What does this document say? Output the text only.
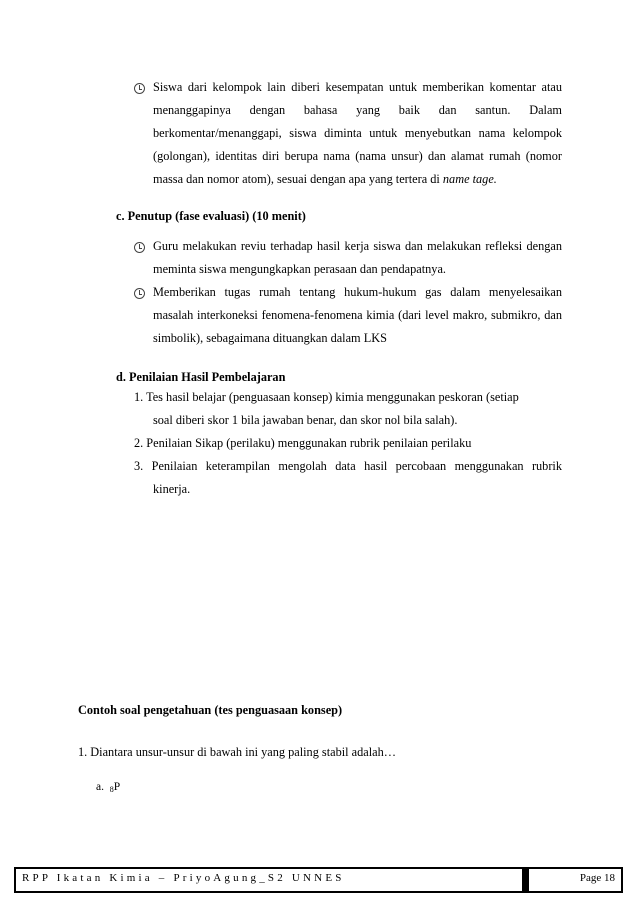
Siswa dari kelompok lain diberi kesempatan untuk memberikan komentar atau menanggapinya dengan bahasa yang baik dan santun. Dalam berkomentar/menanggapi, siswa diminta untuk menyebutkan nama kelompok (golongan), identitas diri berupa nama (nama unsur) dan alamat rumah (nomor massa dan nomor atom), sesuai dengan apa yang tertera di name tage.
c. Penutup (fase evaluasi) (10 menit)
Guru melakukan reviu terhadap hasil kerja siswa dan melakukan refleksi dengan meminta siswa mengungkapkan perasaan dan pendapatnya.
Memberikan tugas rumah tentang hukum-hukum gas dalam menyelesaikan masalah interkoneksi fenomena-fenomena kimia (dari level makro, submikro, dan simbolik), sebagaimana dituangkan dalam LKS
d. Penilaian Hasil Pembelajaran
1. Tes hasil belajar (penguasaan konsep) kimia menggunakan peskoran (setiap
soal diberi skor 1 bila jawaban benar, dan skor nol bila salah).
2. Penilaian Sikap (perilaku) menggunakan rubrik penilaian perilaku
3. Penilaian keterampilan mengolah data hasil percobaan menggunakan rubrik
kinerja.
Contoh soal pengetahuan (tes penguasaan konsep)
1. Diantara unsur-unsur di bawah ini yang paling stabil adalah…
a. $_8$P
RPP Ikatan Kimia – PriyoAgung_S2 UNNES	Page 18
